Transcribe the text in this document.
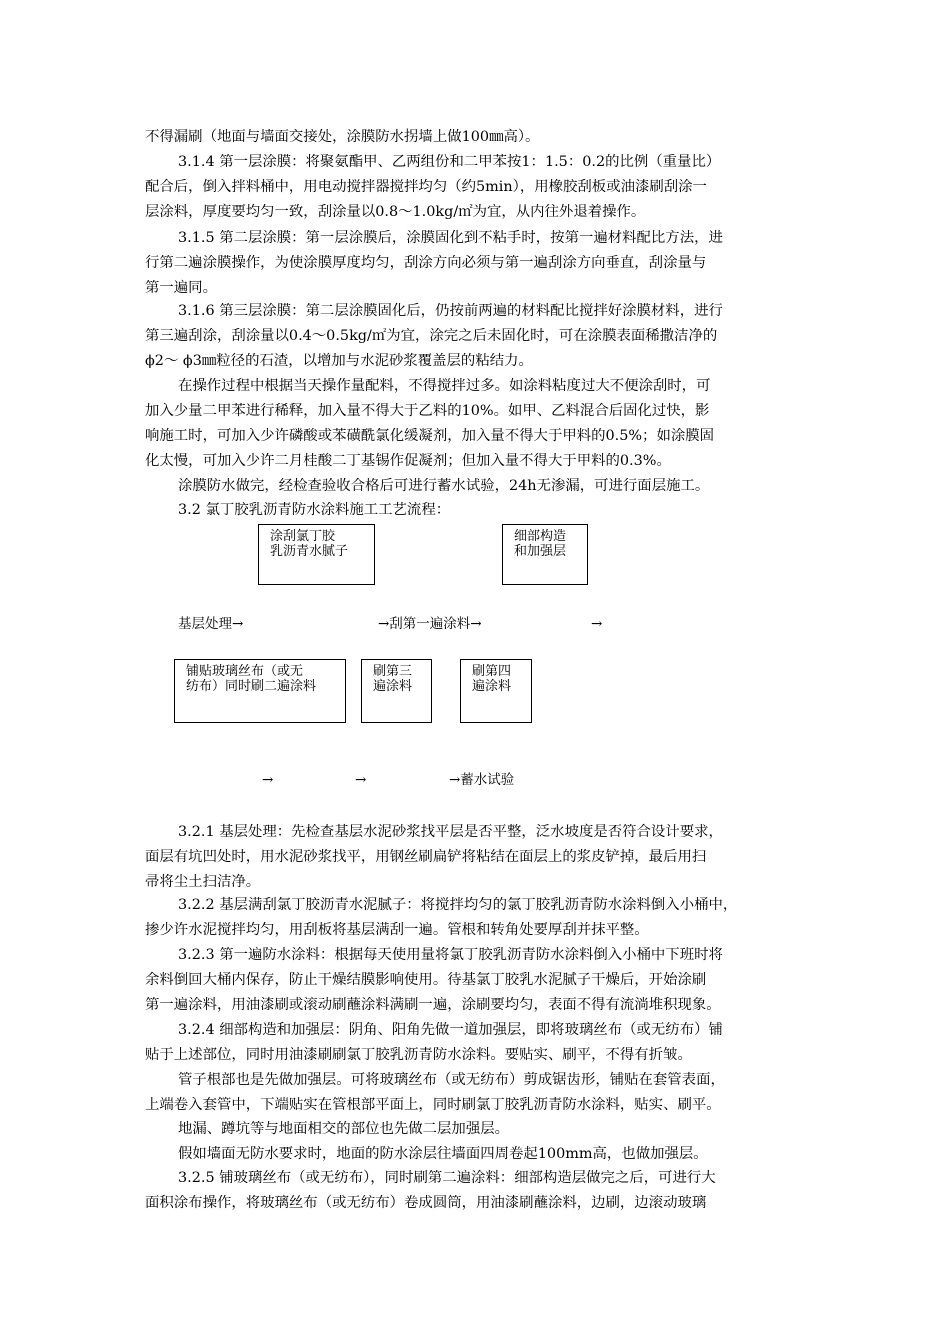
不得漏刷（地面与墙面交接处，涂膜防水拐墙上做100㎜高）。
3.1.4 第一层涂膜：将聚氨酯甲、乙两组份和二甲苯按1：1.5：0.2的比例（重量比）
配合后，倒入拌料桶中，用电动搅拌器搅拌均匀（约5min），用橡胶刮板或油漆刷刮涂一
层涂料，厚度要均匀一致，刮涂量以0.8～1.0kg/㎡为宜，从内往外退着操作。
3.1.5 第二层涂膜：第一层涂膜后，涂膜固化到不粘手时，按第一遍材料配比方法，进
行第二遍涂膜操作，为使涂膜厚度均匀，刮涂方向必须与第一遍刮涂方向垂直，刮涂量与
第一遍同。
3.1.6 第三层涂膜：第二层涂膜固化后，仍按前两遍的材料配比搅拌好涂膜材料，进行
第三遍刮涂，刮涂量以0.4～0.5kg/㎡为宜，涂完之后未固化时，可在涂膜表面稀撒洁净的
ϕ2～ ϕ3㎜粒径的石渣，以增加与水泥砂浆覆盖层的粘结力。
在操作过程中根据当天操作量配料，不得搅拌过多。如涂料粘度过大不便涂刮时，可
加入少量二甲苯进行稀释，加入量不得大于乙料的10%。如甲、乙料混合后固化过快，影
响施工时，可加入少许磷酸或苯磺酰氯化缓凝剂，加入量不得大于甲料的0.5%；如涂膜固
化太慢，可加入少许二月桂酸二丁基锡作促凝剂；但加入量不得大于甲料的0.3%。
涂膜防水做完，经检查验收合格后可进行蓄水试验，24h无渗漏，可进行面层施工。
3.2 氯丁胶乳沥青防水涂料施工工艺流程：
涂刮氯丁胶
乳沥青水腻子
细部构造
和加强层
基层处理→	→刮第一遍涂料→	→
铺贴玻璃丝布（或无
纺布）同时刷二遍涂料
刷第三
遍涂料
刷第四
遍涂料
→	→	→蓄水试验
3.2.1 基层处理：先检查基层水泥砂浆找平层是否平整，泛水坡度是否符合设计要求，
面层有坑凹处时，用水泥砂浆找平，用钢丝刷扁铲将粘结在面层上的浆皮铲掉，最后用扫
帚将尘土扫洁净。
3.2.2 基层满刮氯丁胶沥青水泥腻子：将搅拌均匀的氯丁胶乳沥青防水涂料倒入小桶中，
掺少许水泥搅拌均匀，用刮板将基层满刮一遍。管根和转角处要厚刮并抹平整。
3.2.3 第一遍防水涂料：根据每天使用量将氯丁胶乳沥青防水涂料倒入小桶中下班时将
余料倒回大桶内保存，防止干燥结膜影响使用。待基氯丁胶乳水泥腻子干燥后，开始涂刷
第一遍涂料，用油漆刷或滚动刷蘸涂料满刷一遍，涂刷要均匀，表面不得有流淌堆积现象。
3.2.4 细部构造和加强层：阴角、阳角先做一道加强层，即将玻璃丝布（或无纺布）铺
贴于上述部位，同时用油漆刷刷氯丁胶乳沥青防水涂料。要贴实、刷平，不得有折皱。
管子根部也是先做加强层。可将玻璃丝布（或无纺布）剪成锯齿形，铺贴在套管表面，
上端卷入套管中，下端贴实在管根部平面上，同时刷氯丁胶乳沥青防水涂料，贴实、刷平。
地漏、蹲坑等与地面相交的部位也先做二层加强层。
假如墙面无防水要求时，地面的防水涂层往墙面四周卷起100mm高，也做加强层。
3.2.5 铺玻璃丝布（或无纺布），同时刷第二遍涂料：细部构造层做完之后，可进行大
面积涂布操作，将玻璃丝布（或无纺布）卷成圆筒，用油漆刷蘸涂料，边刷，边滚动玻璃
